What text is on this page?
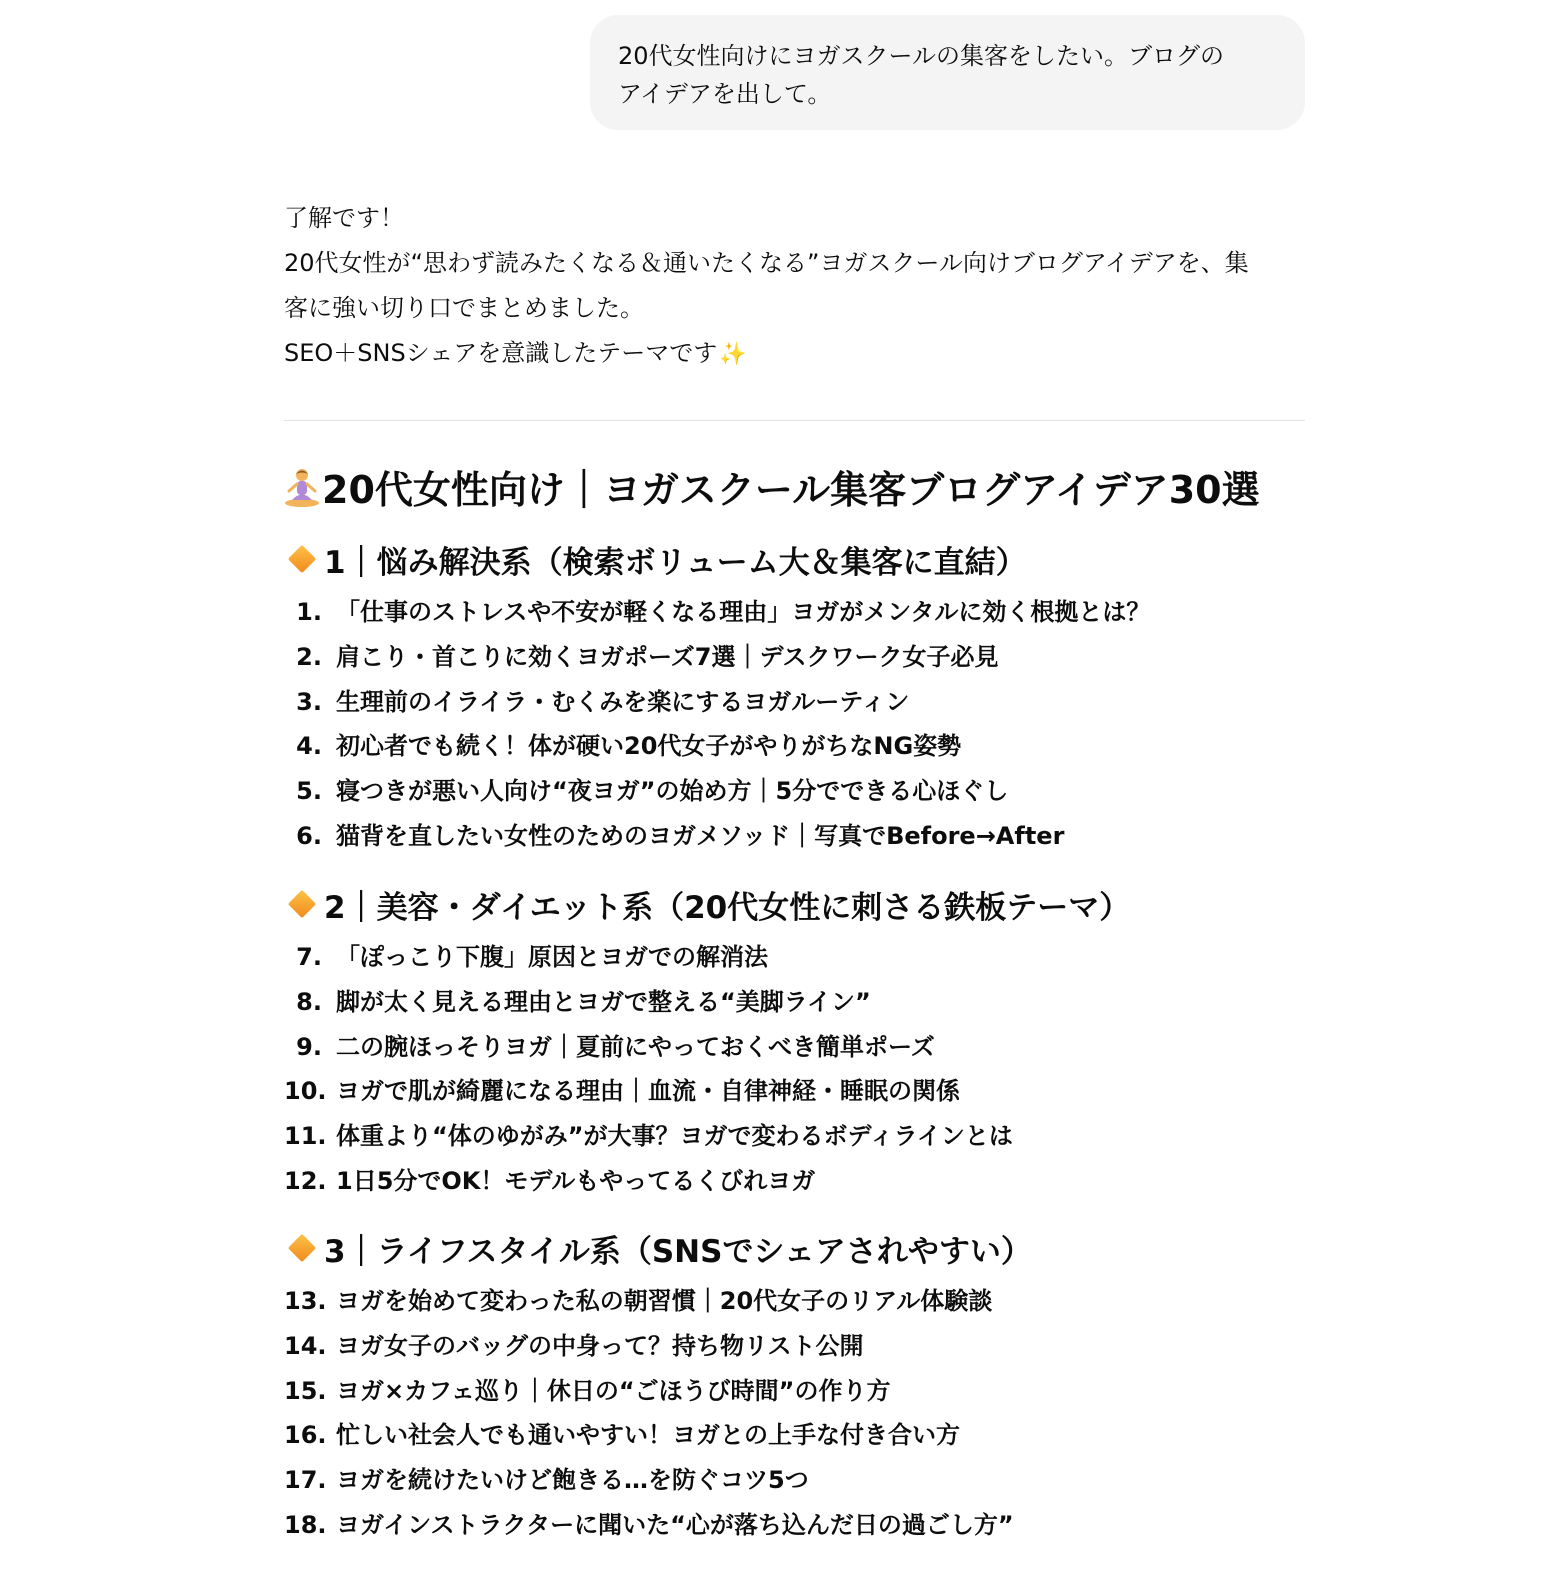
20代女性向けにヨガスクールの集客をしたい。ブログの
アイデアを出して。

了解です！

20代女性が“思わず読みたくなる＆通いたくなる”ヨガスクール向けブログアイデアを、集

客に強い切り口でまとめました。

SEO＋SNSシェアを意識したテーマです✨

20代女性向け｜ヨガスクール集客ブログアイデア30選
1｜悩み解決系（検索ボリューム大＆集客に直結）
1. 「仕事のストレスや不安が軽くなる理由」ヨガがメンタルに効く根拠とは？
2. 肩こり・首こりに効くヨガポーズ7選｜デスクワーク女子必見
3. 生理前のイライラ・むくみを楽にするヨガルーティン
4. 初心者でも続く！体が硬い20代女子がやりがちなNG姿勢
5. 寝つきが悪い人向け“夜ヨガ”の始め方｜5分でできる心ほぐし
6. 猫背を直したい女性のためのヨガメソッド｜写真でBefore→After
2｜美容・ダイエット系（20代女性に刺さる鉄板テーマ）
7. 「ぽっこり下腹」原因とヨガでの解消法
8. 脚が太く見える理由とヨガで整える“美脚ライン”
9. 二の腕ほっそりヨガ｜夏前にやっておくべき簡単ポーズ
10. ヨガで肌が綺麗になる理由｜血流・自律神経・睡眠の関係
11. 体重より“体のゆがみ”が大事？ヨガで変わるボディラインとは
12. 1日5分でOK！モデルもやってるくびれヨガ
3｜ライフスタイル系（SNSでシェアされやすい）
13. ヨガを始めて変わった私の朝習慣｜20代女子のリアル体験談
14. ヨガ女子のバッグの中身って？持ち物リスト公開
15. ヨガ×カフェ巡り｜休日の“ごほうび時間”の作り方
16. 忙しい社会人でも通いやすい！ヨガとの上手な付き合い方
17. ヨガを続けたいけど飽きる…を防ぐコツ5つ
18. ヨガインストラクターに聞いた“心が落ち込んだ日の過ごし方”
